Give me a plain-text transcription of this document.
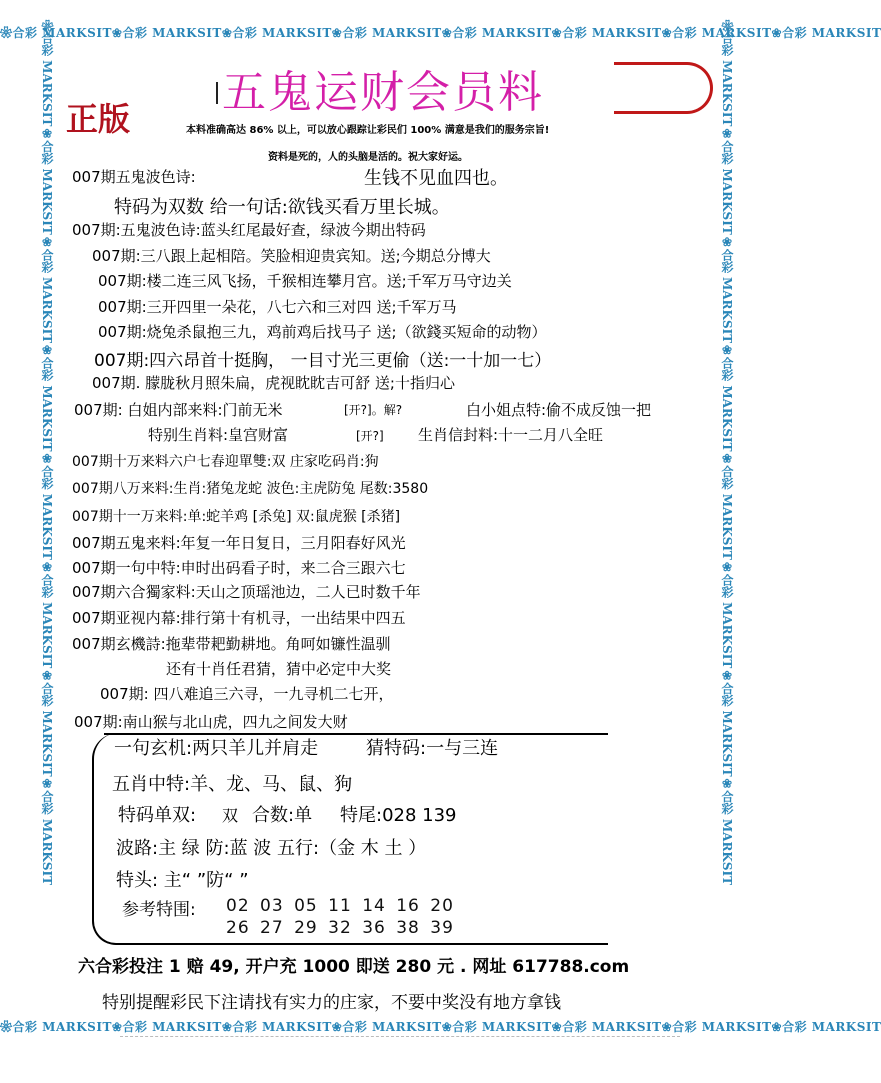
❀合彩 MARKSIT❀合彩 MARKSIT❀合彩 MARKSIT❀合彩 MARKSIT❀合彩 MARKSIT❀合彩 MARKSIT❀合彩 MARKSIT❀合彩 MARKSIT
❀合彩 MARKSIT❀合彩 MARKSIT❀合彩 MARKSIT❀合彩 MARKSIT❀合彩 MARKSIT❀合彩 MARKSIT❀合彩 MARKSIT❀合彩 MARKSIT
❀合彩 MARKSIT❀合彩 MARKSIT❀合彩 MARKSIT❀合彩 MARKSIT❀合彩 MARKSIT❀合彩 MARKSIT❀合彩 MARKSIT❀合彩 MARKSIT	❀合彩 MARKSIT❀合彩 MARKSIT❀合彩 MARKSIT❀合彩 MARKSIT❀合彩 MARKSIT❀合彩 MARKSIT❀合彩 MARKSIT❀合彩 MARKSIT
五鬼运财会员料
正版	本料准确高达 86% 以上，可以放心跟踪让彩民们 100% 满意是我们的服务宗旨!
资料是死的，人的头脑是活的。祝大家好运。
007期五鬼波色诗:	生钱不见血四也。
特码为双数 给一句话:欲钱买看万里长城。
007期:五鬼波色诗:蓝头红尾最好查，绿波今期出特码
007期:三八跟上起相陪。笑脸相迎贵宾知。送;今期总分博大
007期:楼二连三风飞扬，千猴相连攀月宫。送;千军万马守边关
007期:三开四里一朵花，八七六和三对四 送;千军万马
007期:烧兔杀鼠抱三九，鸡前鸡后找马子 送;（欲錢买短命的动物）
007期:四六昂首十挺胸， 一目寸光三更偷（送:一十加一七）
007期. 朦胧秋月照朱扁，虎视眈眈吉可舒 送;十指归心
007期: 白姐内部来料:门前无米	[开?]。解?	白小姐点特:偷不成反蚀一把
特别生肖料:皇宫财富	[开?] 生肖信封料:十一二月八全旺
007期十万来料六户七春迎單雙:双 庄家吃码肖:狗
007期八万来料:生肖:猪兔龙蛇 波色:主虎防兔 尾数:3580
007期十一万来料:单:蛇羊鸡 [杀兔] 双:鼠虎猴 [杀猪]
007期五鬼来料:年复一年日复日，三月阳春好风光
007期一句中特:申时出码看子时，来二合三跟六七
007期六合獨家料:天山之顶瑶池边，二人已时数千年
007期亚视内幕:排行第十有机寻，一出结果中四五
007期玄機詩:拖辈带耙勤耕地。角呵如镰性温驯
还有十肖任君猜，猜中必定中大奖
007期: 四八难追三六寻，一九寻机二七开，
007期:南山猴与北山虎，四九之间发大财
一句玄机:两只羊儿并肩走	猜特码:一与三连
五肖中特:羊、龙、马、鼠、狗
特码单双: 双 合数:单 特尾:028 139
波路:主 绿 防:蓝 波 五行:（金 木 土 ）
特头: 主“ ”防“ ”
参考特围: 02 03 05 11 14 16 20
26 27 29 32 36 38 39
六合彩投注 1 赔 49, 开户充 1000 即送 280 元 . 网址 617788.com
特别提醒彩民下注请找有实力的庄家，不要中奖没有地方拿钱
